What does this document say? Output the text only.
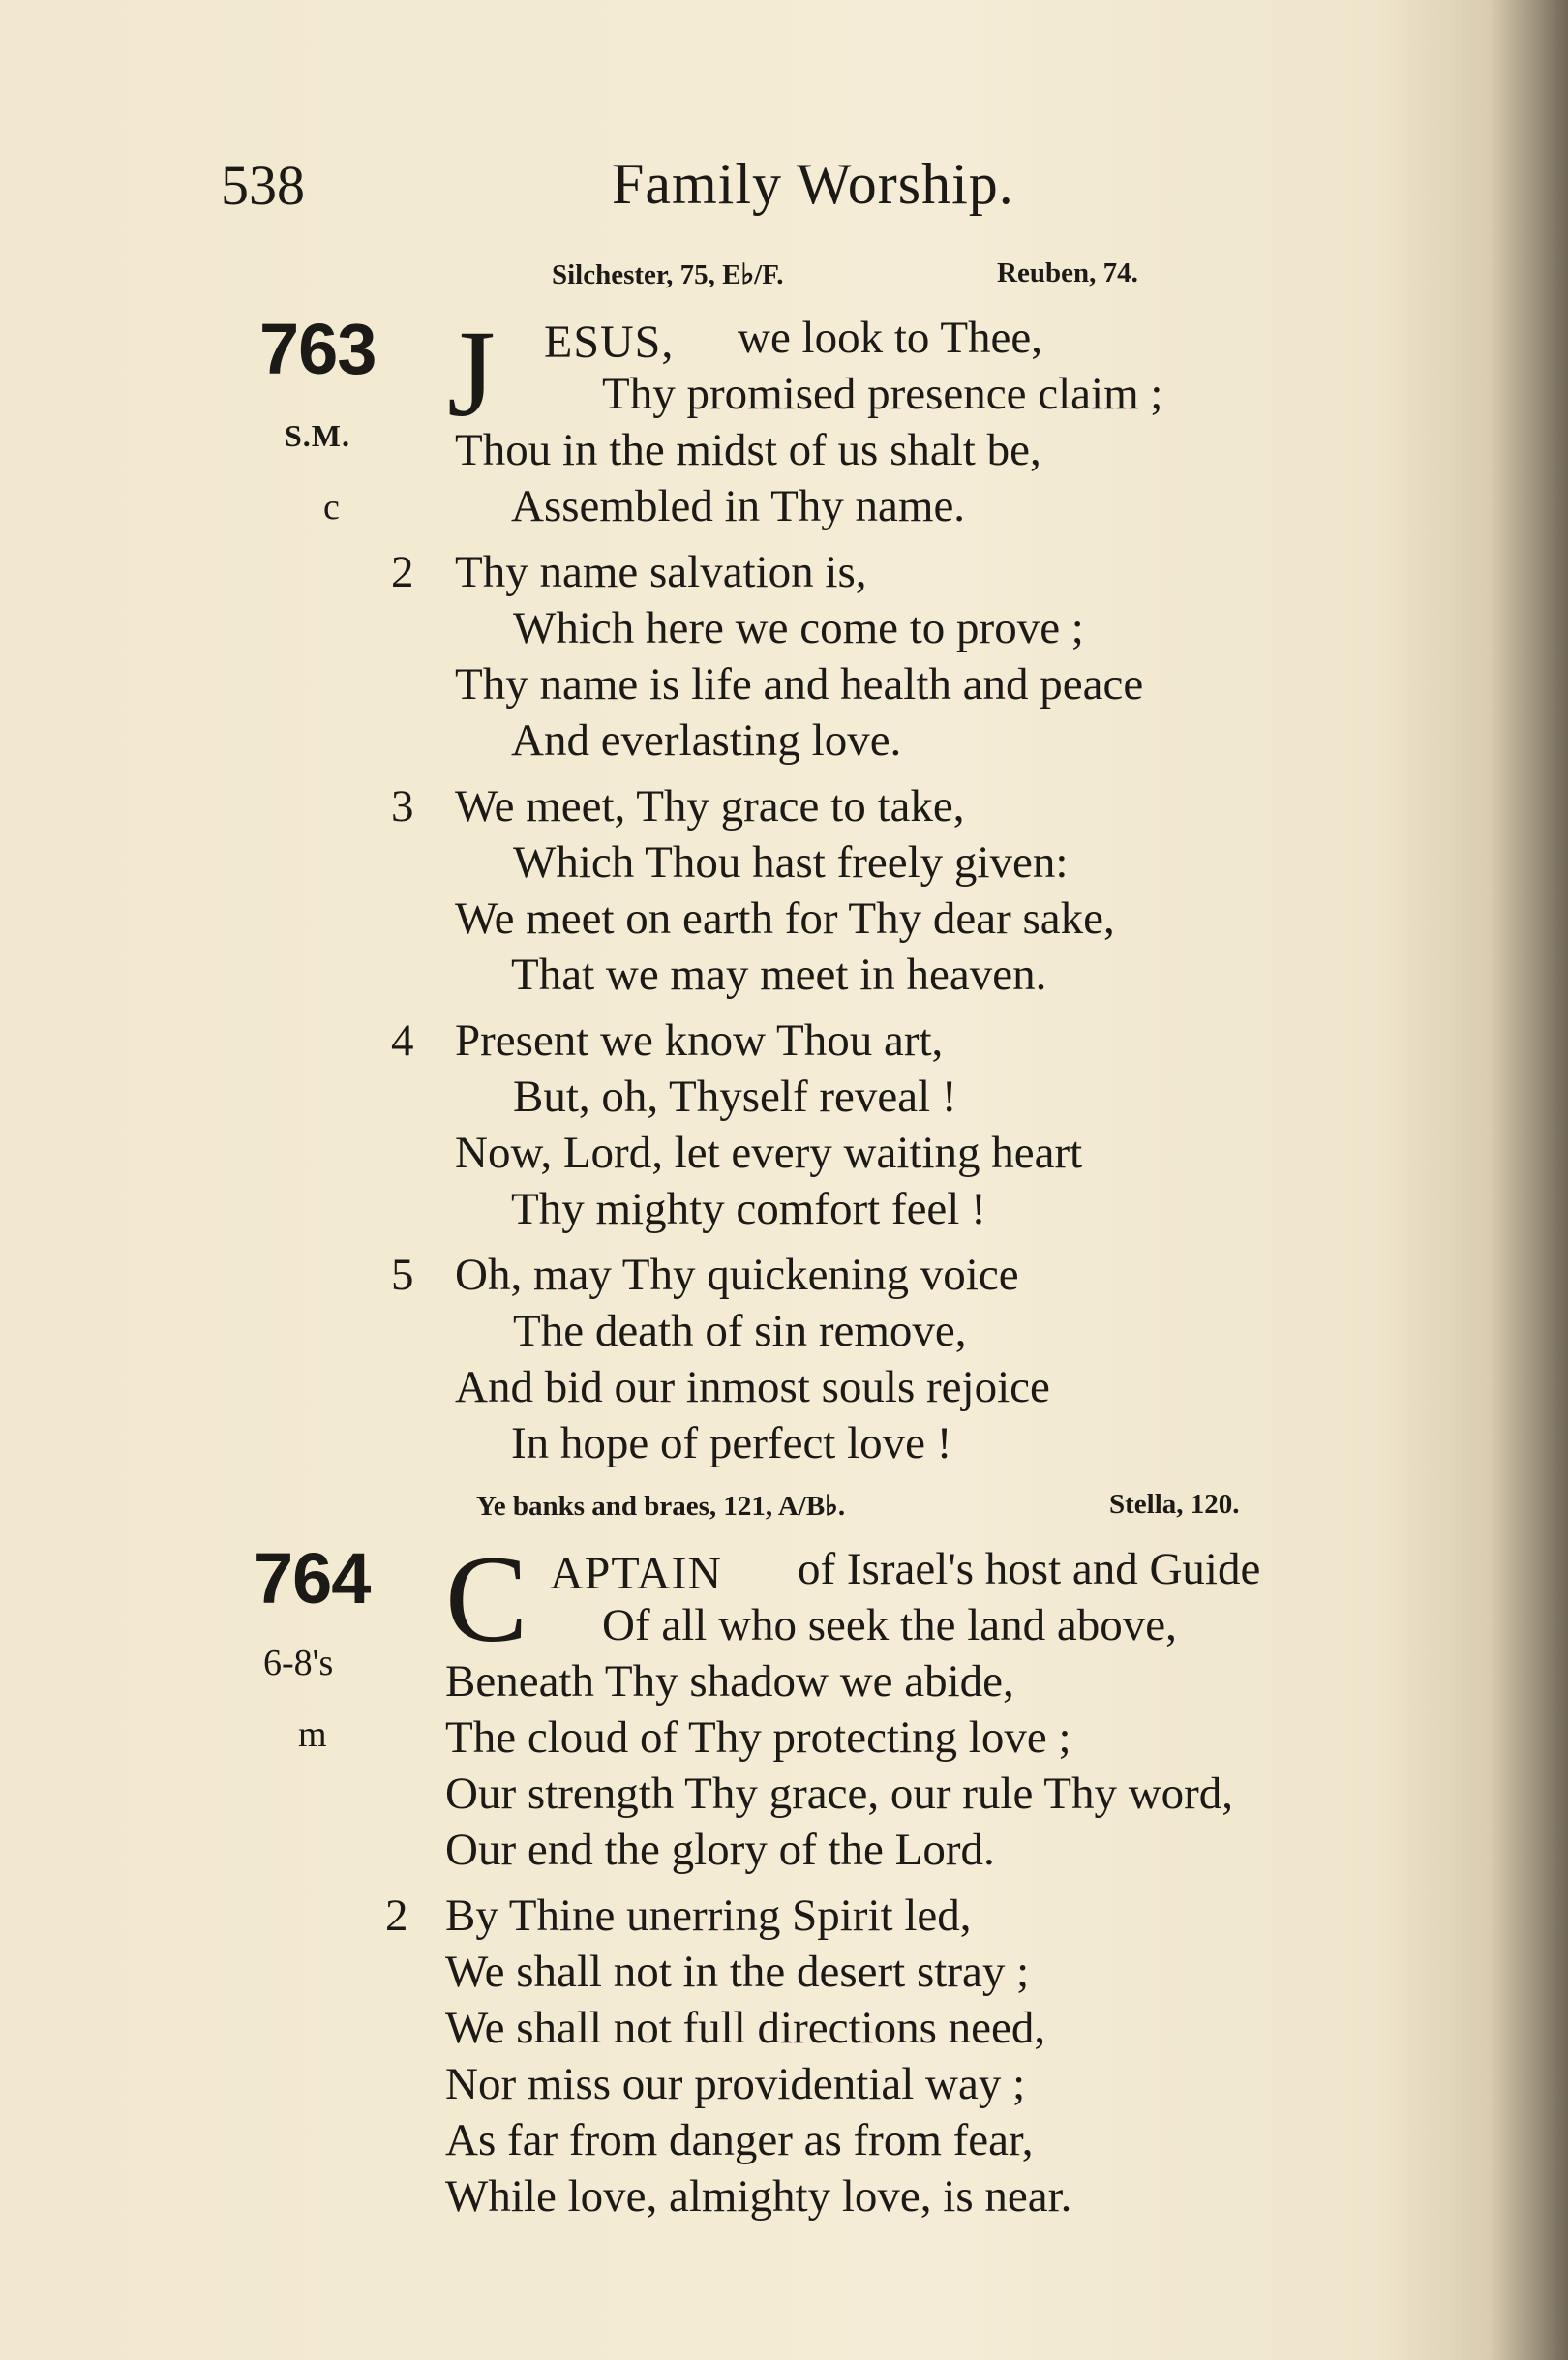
538	Family Worship.
Silchester, 75, E♭/F.	Reuben, 74.
763
S.M.
c
J ESUS, we look to Thee,
Thy promised presence claim ;
Thou in the midst of us shalt be,
Assembled in Thy name.
2 Thy name salvation is,
Which here we come to prove ;
Thy name is life and health and peace
And everlasting love.
3 We meet, Thy grace to take,
Which Thou hast freely given:
We meet on earth for Thy dear sake,
That we may meet in heaven.
4 Present we know Thou art,
But, oh, Thyself reveal !
Now, Lord, let every waiting heart
Thy mighty comfort feel !
5 Oh, may Thy quickening voice
The death of sin remove,
And bid our inmost souls rejoice
In hope of perfect love !
Ye banks and braes, 121, A/B♭.	Stella, 120.
764
6-8's
m
C APTAIN of Israel's host and Guide
Of all who seek the land above,
Beneath Thy shadow we abide,
The cloud of Thy protecting love ;
Our strength Thy grace, our rule Thy word,
Our end the glory of the Lord.
2 By Thine unerring Spirit led,
We shall not in the desert stray ;
We shall not full directions need,
Nor miss our providential way ;
As far from danger as from fear,
While love, almighty love, is near.
